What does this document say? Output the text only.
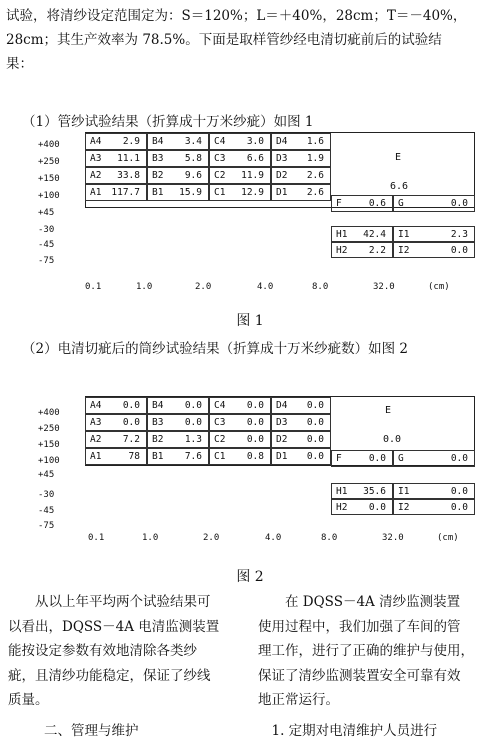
试验，将清纱设定范围定为：S＝120%；L＝＋40%，28cm；T＝－40%，

28cm；其生产效率为 78.5%。下面是取样管纱经电清切疵前后的试验结

果：

（1）管纱试验结果（折算成十万米纱疵）如图 1

+400
+250
+150
+100
+45
-30
-45
-75
A4 2.9 B4 3.4 C4 3.0 D4 1.6
A3 11.1 B3 5.8 C3 6.6 D3 1.9
A2 33.8 B2 9.6 C2 11.9 D2 2.6
A1 117.7 B1 15.9 C1 12.9 D1 2.6
E
6.6
F	0.6 G	0.0
H1 42.4 I1	2.3
H2 2.2 I2	0.0
0.1	1.0	2.0	4.0	8.0	32.0	(cm)
图 1

（2）电清切疵后的筒纱试验结果（折算成十万米纱疵数）如图 2

+400
+250
+150
+100
+45
-30
-45
-75
A4 0.0 B4 0.0 C4 0.0 D4 0.0
A3 0.0 B3 0.0 C3 0.0 D3 0.0
A2 7.2 B2 1.3 C2 0.0 D2 0.0
A1	78 B1 7.6 C1 0.8 D1 0.0
E
0.0
F	0.0 G	0.0
H1 35.6 I1	0.0
H2 0.0 I2	0.0
0.1	1.0	2.0	4.0	8.0	32.0	(cm)
图 2
　　从以上年平均两个试验结果可
以看出，DQSS－4A 电清监测装置
能按设定参数有效地清除各类纱
疵，且清纱功能稳定，保证了纱线
质量。
二、管理与维护
　　在 DQSS－4A 清纱监测装置
使用过程中，我们加强了车间的管
理工作，进行了正确的维护与使用，
保证了清纱监测装置安全可靠有效
地正常运行。
　1. 定期对电清维护人员进行
